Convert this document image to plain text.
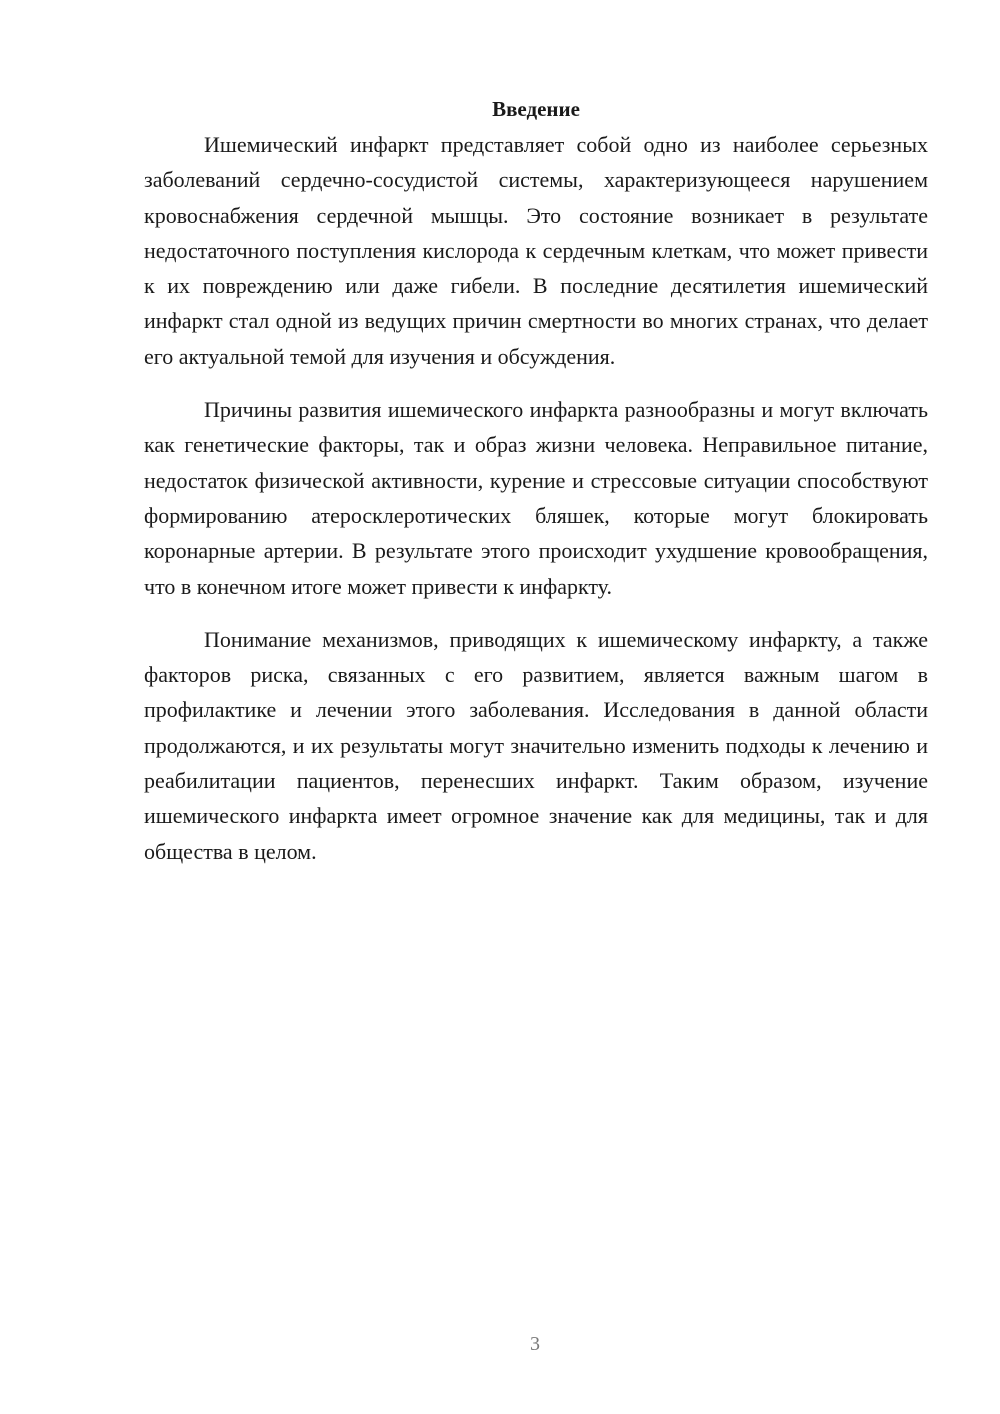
Введение

Ишемический инфаркт представляет собой одно из наиболее серьезных заболеваний сердечно-сосудистой системы, характеризующееся нарушением кровоснабжения сердечной мышцы. Это состояние возникает в результате недостаточного поступления кислорода к сердечным клеткам, что может привести к их повреждению или даже гибели. В последние десятилетия ишемический инфаркт стал одной из ведущих причин смертности во многих странах, что делает его актуальной темой для изучения и обсуждения.

Причины развития ишемического инфаркта разнообразны и могут включать как генетические факторы, так и образ жизни человека. Неправильное питание, недостаток физической активности, курение и стрессовые ситуации способствуют формированию атеросклеротических бляшек, которые могут блокировать коронарные артерии. В результате этого происходит ухудшение кровообращения, что в конечном итоге может привести к инфаркту.

Понимание механизмов, приводящих к ишемическому инфаркту, а также факторов риска, связанных с его развитием, является важным шагом в профилактике и лечении этого заболевания. Исследования в данной области продолжаются, и их результаты могут значительно изменить подходы к лечению и реабилитации пациентов, перенесших инфаркт. Таким образом, изучение ишемического инфаркта имеет огромное значение как для медицины, так и для общества в целом.

3
